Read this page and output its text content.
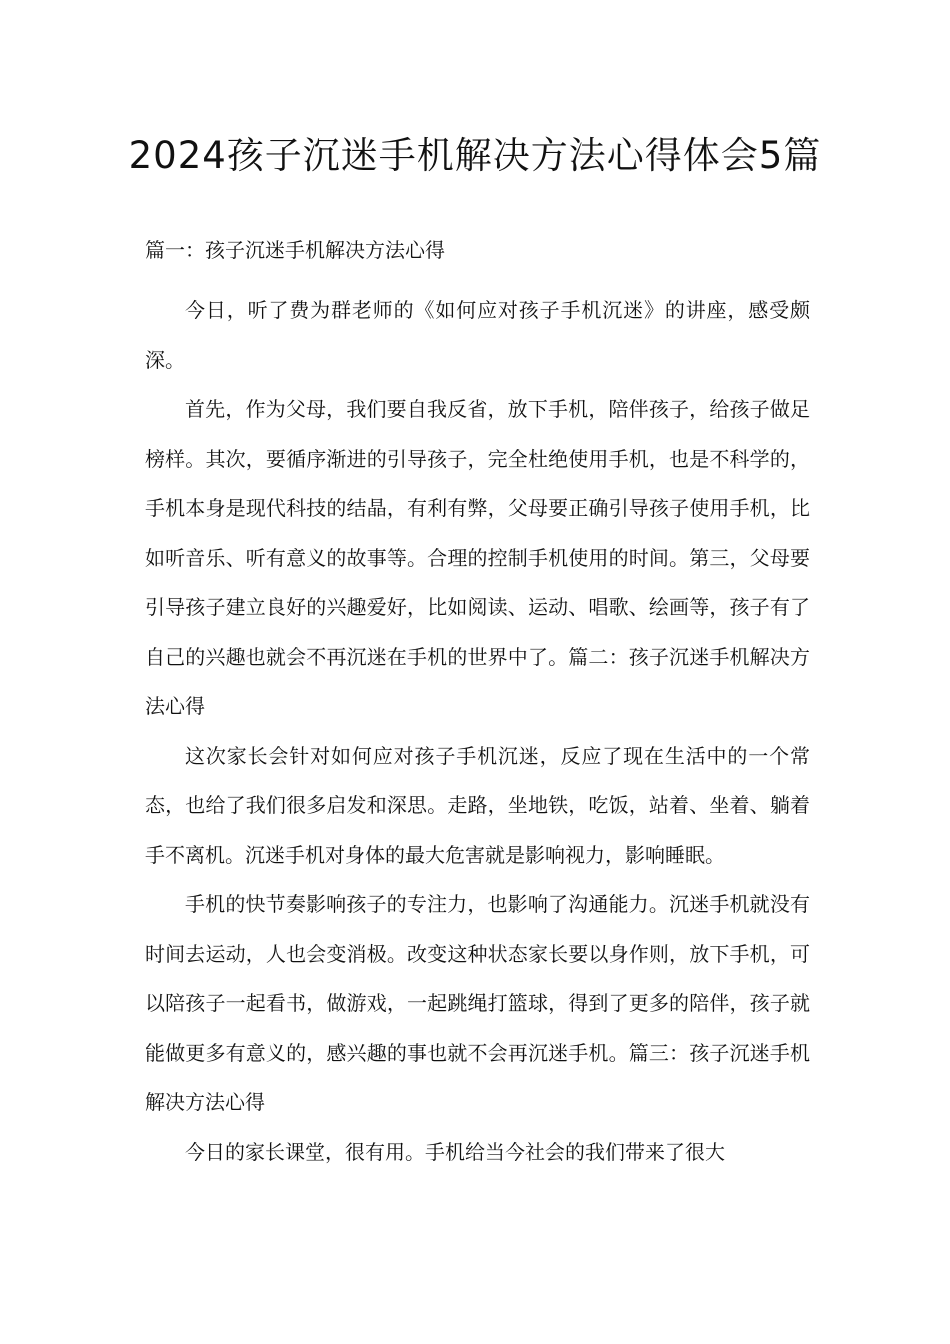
2024孩子沉迷手机解决方法心得体会5篇
篇一：孩子沉迷手机解决方法心得

今日，听了费为群老师的《如何应对孩子手机沉迷》的讲座，感受颇深。

首先，作为父母，我们要自我反省，放下手机，陪伴孩子，给孩子做足榜样。其次，要循序渐进的引导孩子，完全杜绝使用手机，也是不科学的，手机本身是现代科技的结晶，有利有弊，父母要正确引导孩子使用手机，比如听音乐、听有意义的故事等。合理的控制手机使用的时间。第三，父母要引导孩子建立良好的兴趣爱好，比如阅读、运动、唱歌、绘画等，孩子有了自己的兴趣也就会不再沉迷在手机的世界中了。篇二：孩子沉迷手机解决方法心得

这次家长会针对如何应对孩子手机沉迷，反应了现在生活中的一个常态，也给了我们很多启发和深思。走路，坐地铁，吃饭，站着、坐着、躺着手不离机。沉迷手机对身体的最大危害就是影响视力，影响睡眠。

手机的快节奏影响孩子的专注力，也影响了沟通能力。沉迷手机就没有时间去运动，人也会变消极。改变这种状态家长要以身作则，放下手机，可以陪孩子一起看书，做游戏，一起跳绳打篮球，得到了更多的陪伴，孩子就能做更多有意义的，感兴趣的事也就不会再沉迷手机。篇三：孩子沉迷手机解决方法心得

今日的家长课堂，很有用。手机给当今社会的我们带来了很大
